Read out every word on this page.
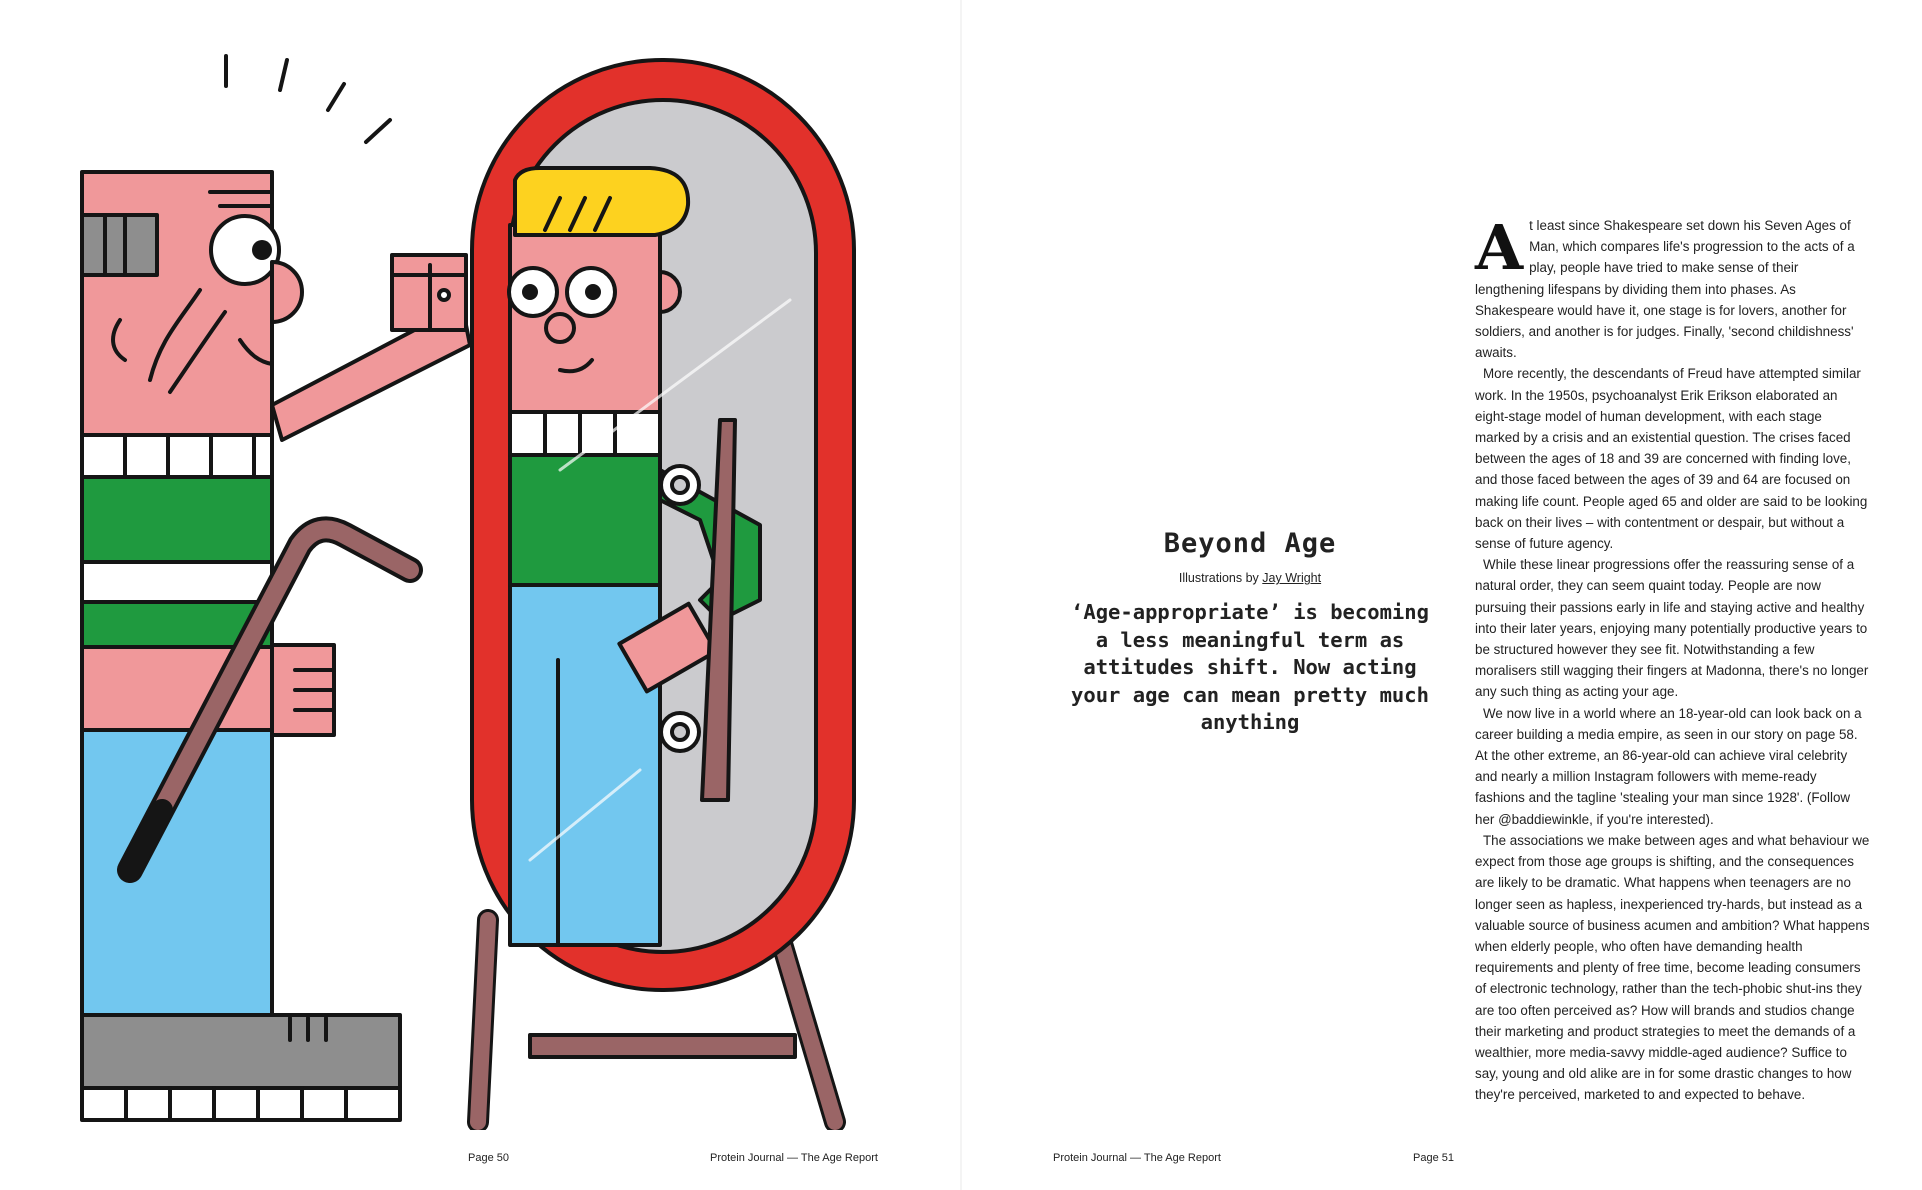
Beyond Age
Illustrations by Jay Wright
‘Age-appropriate’ is becoming a less meaningful term as attitudes shift. Now acting your age can mean pretty much anything
A t least since Shakespeare set down his Seven Ages of Man, which compares life's progression to the acts of a play, people have tried to make sense of their lengthening lifespans by dividing them into phases. As Shakespeare would have it, one stage is for lovers, another for soldiers, and another is for judges. Finally, 'second childishness' awaits.

More recently, the descendants of Freud have attempted similar work. In the 1950s, psychoanalyst Erik Erikson elaborated an eight-stage model of human development, with each stage marked by a crisis and an existential question. The crises faced between the ages of 18 and 39 are concerned with finding love, and those faced between the ages of 39 and 64 are focused on making life count. People aged 65 and older are said to be looking back on their lives – with contentment or despair, but without a sense of future agency.

While these linear progressions offer the reassuring sense of a natural order, they can seem quaint today. People are now pursuing their passions early in life and staying active and healthy into their later years, enjoying many potentially productive years to be structured however they see fit. Notwithstanding a few moralisers still wagging their fingers at Madonna, there's no longer any such thing as acting your age.

We now live in a world where an 18-year-old can look back on a career building a media empire, as seen in our story on page 58. At the other extreme, an 86-year-old can achieve viral celebrity and nearly a million Instagram followers with meme-ready fashions and the tagline 'stealing your man since 1928'. (Follow her @baddiewinkle, if you're interested).

The associations we make between ages and what behaviour we expect from those age groups is shifting, and the consequences are likely to be dramatic. What happens when teenagers are no longer seen as hapless, inexperienced try-hards, but instead as a valuable source of business acumen and ambition? What happens when elderly people, who often have demanding health requirements and plenty of free time, become leading consumers of electronic technology, rather than the tech-phobic shut-ins they are too often perceived as? How will brands and studios change their marketing and product strategies to meet the demands of a wealthier, more media-savvy middle-aged audience? Suffice to say, young and old alike are in for some drastic changes to how they're perceived, marketed to and expected to behave.

Page 50	Protein Journal — The Age Report	Protein Journal — The Age Report	Page 51
